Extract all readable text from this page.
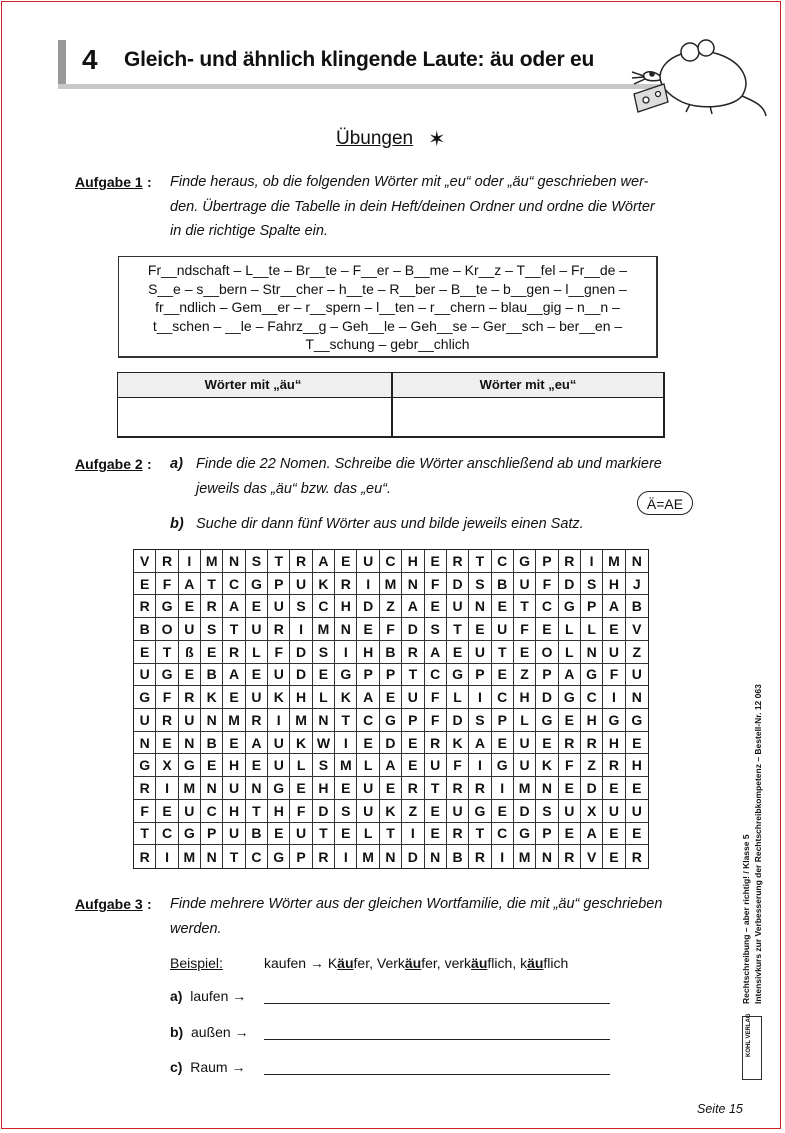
4 Gleich- und ähnlich klingende Laute: äu oder eu
Übungen ✶
Aufgabe 1 : Finde heraus, ob die folgenden Wörter mit „eu“ oder „äu“ geschrieben wer-
den. Übertrage die Tabelle in dein Heft/deinen Ordner und ordne die Wörter
in die richtige Spalte ein.
Fr__ndschaft – L__te – Br__te – F__er – B__me – Kr__z – T__fel – Fr__de –
S__e – s__bern – Str__cher – h__te – R__ber – B__te – b__gen – l__gnen –
fr__ndlich – Gem__er – r__spern – l__ten – r__chern – blau__gig – n__n –
t__schen – __le – Fahrz__g – Geh__le – Geh__se – Ger__sch – ber__en –
T__schung – gebr__chlich
Wörter mit „äu“	Wörter mit „eu“
Aufgabe 2 : a) Finde die 22 Nomen. Schreibe die Wörter anschließend ab und markiere
jeweils das „äu“ bzw. das „eu“.
Ä=AE
b) Suche dir dann fünf Wörter aus und bilde jeweils einen Satz.
V R	I	M N S T R A E U C H E R T C G P R	I	M N
E F A T C G P U K R	I	M N F D S B U F D S H J
R G E R A E U S C H D Z A E U N E T C G P A B
B O U S T U R	I	M N E F D S T E U F E L L E V
E T ß E R L F D S	I	H B R A E U T E O L N U Z
U G E B A E U D E G P P T C G P E Z P A G F U
G F R K E U K H L K A E U F L	I	C H D G C	I	N
U R U N M R	I	M N T C G P F D S P L G E H G G
N E N B E A U K W I	E D E R K A E U E R R H E
G X G E H E U L S M L A E U F	I	G U K F Z R H
R	I	M N U N G E H E U E R T R R	I	M N E D E E
F E U C H T H F D S U K Z E U G E D S U X U U
T C G P U B E U T E L T	I	E R T C G P E A E E
R	I	M N T C G P R	I	M N D N B R	I	M N R V E R
Aufgabe 3 : Finde mehrere Wörter aus der gleichen Wortfamilie, die mit „äu“ geschrieben
werden.
Beispiel:	kaufen → Käufer, Verkäufer, verkäuflich, käuflich
a) laufen →
b) außen →
c) Raum →
Rechtschreibung – aber richtig! / Klasse 5 Intensivkurs zur Verbesserung der Rechtschreibkompetenz – Bestell-Nr. 12 063
KOHL VERLAG
Seite 15
